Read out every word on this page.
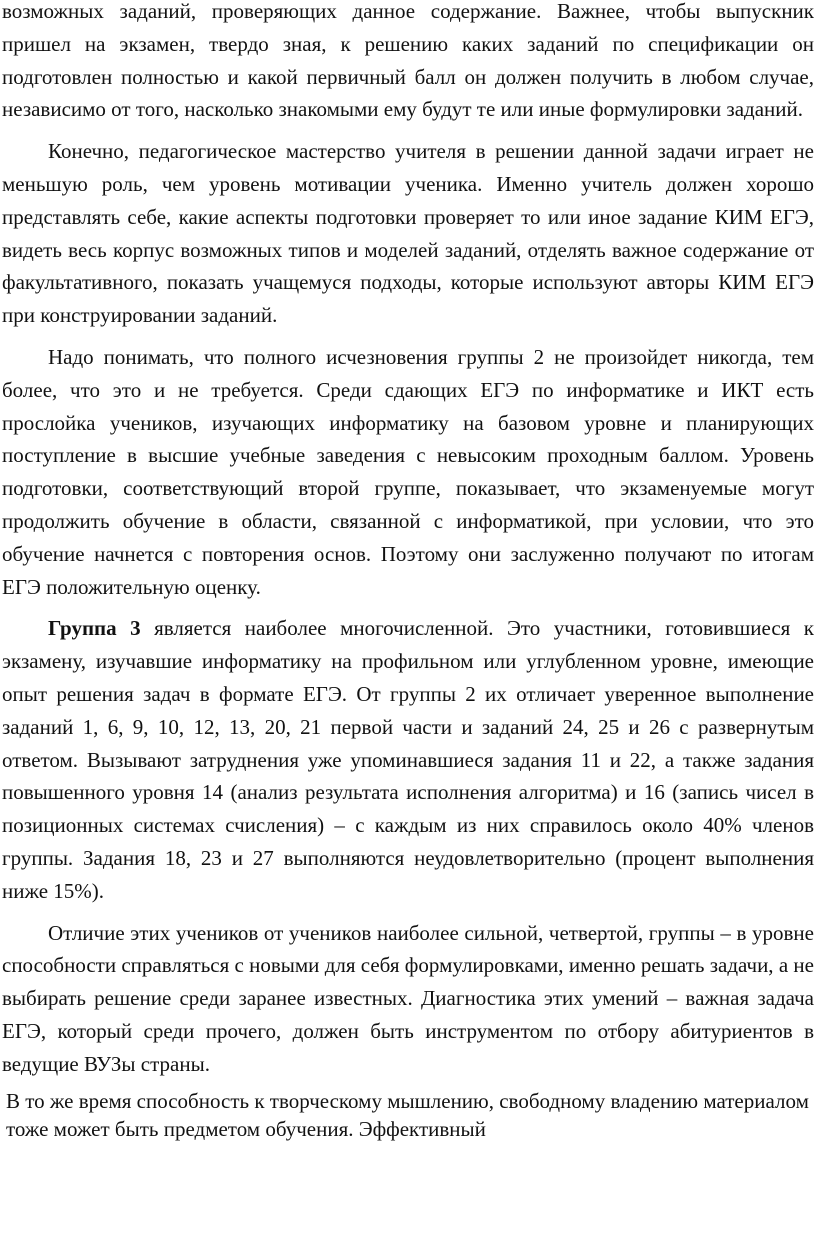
возможных заданий, проверяющих данное содержание. Важнее, чтобы выпускник пришел на экзамен, твердо зная, к решению каких заданий по спецификации он подготовлен полностью и какой первичный балл он должен получить в любом случае, независимо от того, насколько знакомыми ему будут те или иные формулировки заданий.

Конечно, педагогическое мастерство учителя в решении данной задачи играет не меньшую роль, чем уровень мотивации ученика. Именно учитель должен хорошо представлять себе, какие аспекты подготовки проверяет то или иное задание КИМ ЕГЭ, видеть весь корпус возможных типов и моделей заданий, отделять важное содержание от факультативного, показать учащемуся подходы, которые используют авторы КИМ ЕГЭ при конструировании заданий.

Надо понимать, что полного исчезновения группы 2 не произойдет никогда, тем более, что это и не требуется. Среди сдающих ЕГЭ по информатике и ИКТ есть прослойка учеников, изучающих информатику на базовом уровне и планирующих поступление в высшие учебные заведения с невысоким проходным баллом. Уровень подготовки, соответствующий второй группе, показывает, что экзаменуемые могут продолжить обучение в области, связанной с информатикой, при условии, что это обучение начнется с повторения основ. Поэтому они заслуженно получают по итогам ЕГЭ положительную оценку.

Группа 3 является наиболее многочисленной. Это участники, готовившиеся к экзамену, изучавшие информатику на профильном или углубленном уровне, имеющие опыт решения задач в формате ЕГЭ. От группы 2 их отличает уверенное выполнение заданий 1, 6, 9, 10, 12, 13, 20, 21 первой части и заданий 24, 25 и 26 с развернутым ответом. Вызывают затруднения уже упоминавшиеся задания 11 и 22, а также задания повышенного уровня 14 (анализ результата исполнения алгоритма) и 16 (запись чисел в позиционных системах счисления) – с каждым из них справилось около 40% членов группы. Задания 18, 23 и 27 выполняются неудовлетворительно (процент выполнения ниже 15%).

Отличие этих учеников от учеников наиболее сильной, четвертой, группы – в уровне способности справляться с новыми для себя формулировками, именно решать задачи, а не выбирать решение среди заранее известных. Диагностика этих умений – важная задача ЕГЭ, который среди прочего, должен быть инструментом по отбору абитуриентов в ведущие ВУЗы страны.

В то же время способность к творческому мышлению, свободному владению материалом тоже может быть предметом обучения. Эффективный
